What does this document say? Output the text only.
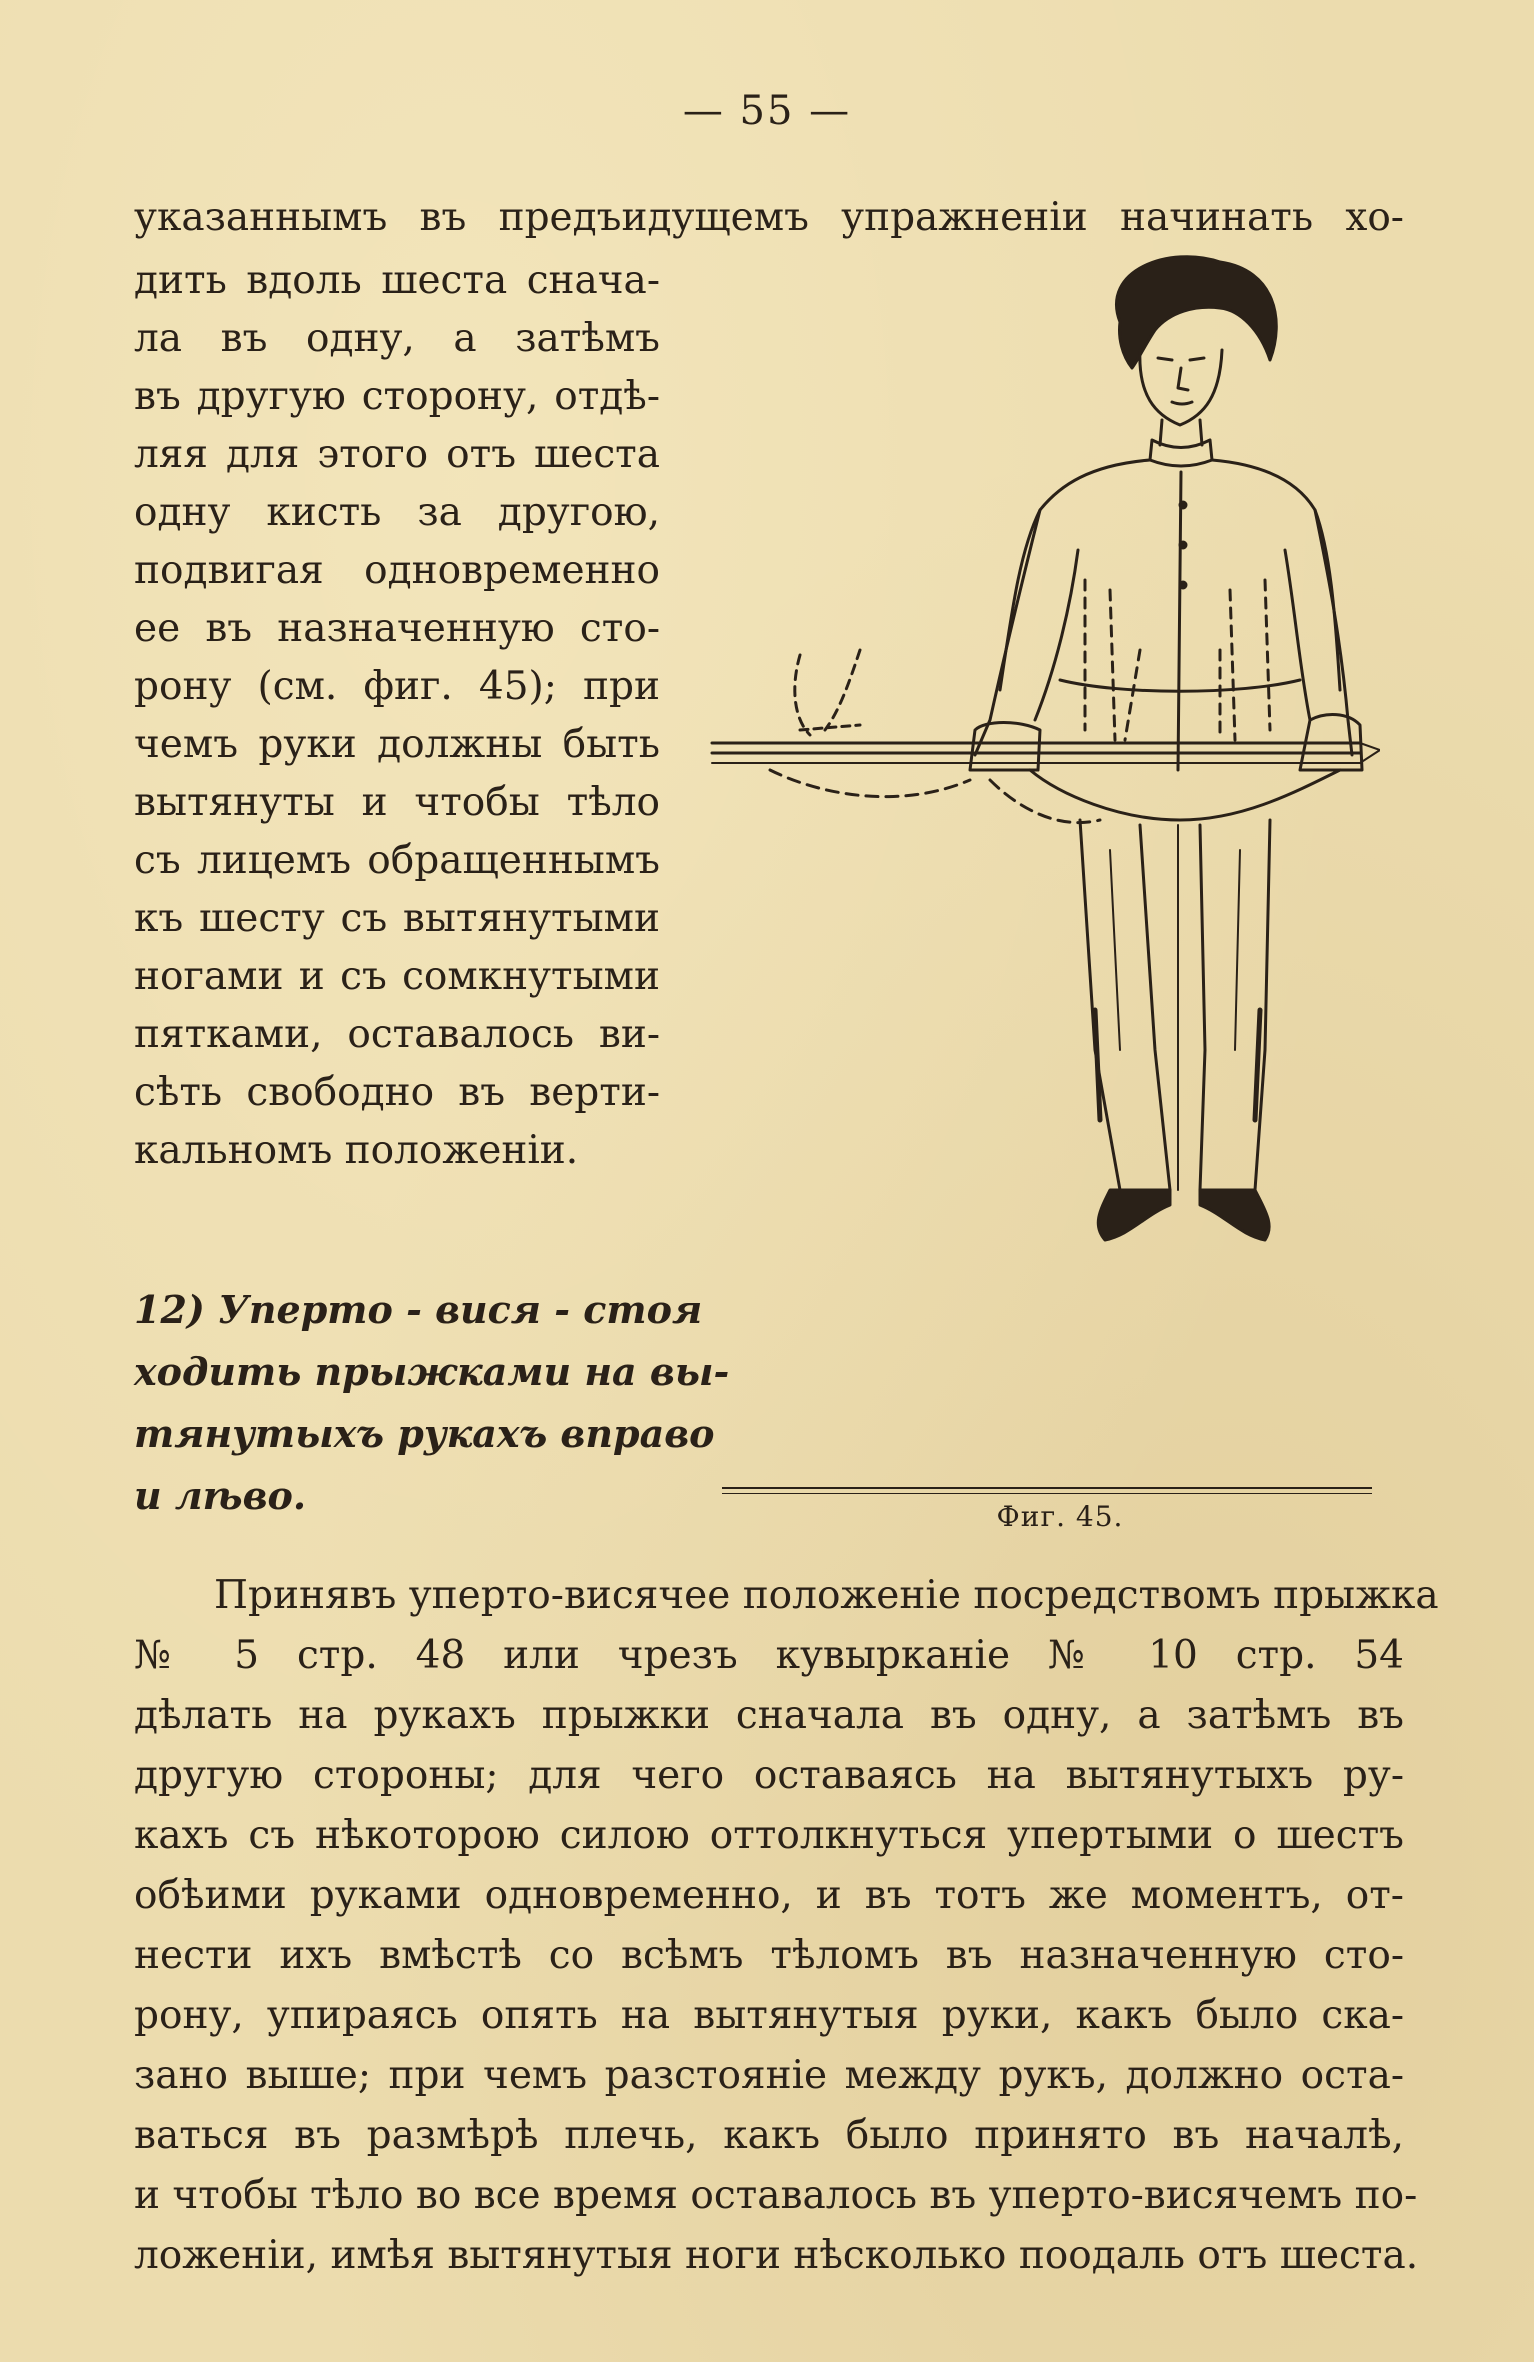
— 55 —
указаннымъ въ предъидущемъ упражненiи начинать хо-
дить вдоль шеста снача-
ла въ одну, а затѣмъ
въ другую сторону, отдѣ-
ляя для этого отъ шеста
одну кисть за другою,
подвигая одновременно
ее въ назначенную сто-
рону (см. фиг. 45); при
чемъ руки должны быть
вытянуты и чтобы тѣло
съ лицемъ обращеннымъ
къ шесту съ вытянутыми
ногами и съ сомкнутыми
пятками, оставалось ви-
сѣть свободно въ верти-
кальномъ положенiи.
12) Уперто - вися - стоя
ходить прыжками на вы-
тянутыхъ рукахъ вправо
и лѣво.	Фиг. 45.
Принявъ уперто-висячее положенiе посредствомъ прыжка
№ 5 стр. 48 или чрезъ кувырканiе № 10 стр. 54
дѣлать на рукахъ прыжки сначала въ одну, а затѣмъ въ
другую стороны; для чего оставаясь на вытянутыхъ ру-
кахъ съ нѣкоторою силою оттолкнуться упертыми о шестъ
обѣими руками одновременно, и въ тотъ же моментъ, от-
нести ихъ вмѣстѣ со всѣмъ тѣломъ въ назначенную сто-
рону, упираясь опять на вытянутыя руки, какъ было ска-
зано выше; при чемъ разстоянiе между рукъ, должно оста-
ваться въ размѣрѣ плечь, какъ было принято въ началѣ,
и чтобы тѣло во все время оставалось въ уперто-висячемъ по-
ложенiи, имѣя вытянутыя ноги нѣсколько поодаль отъ шеста.
